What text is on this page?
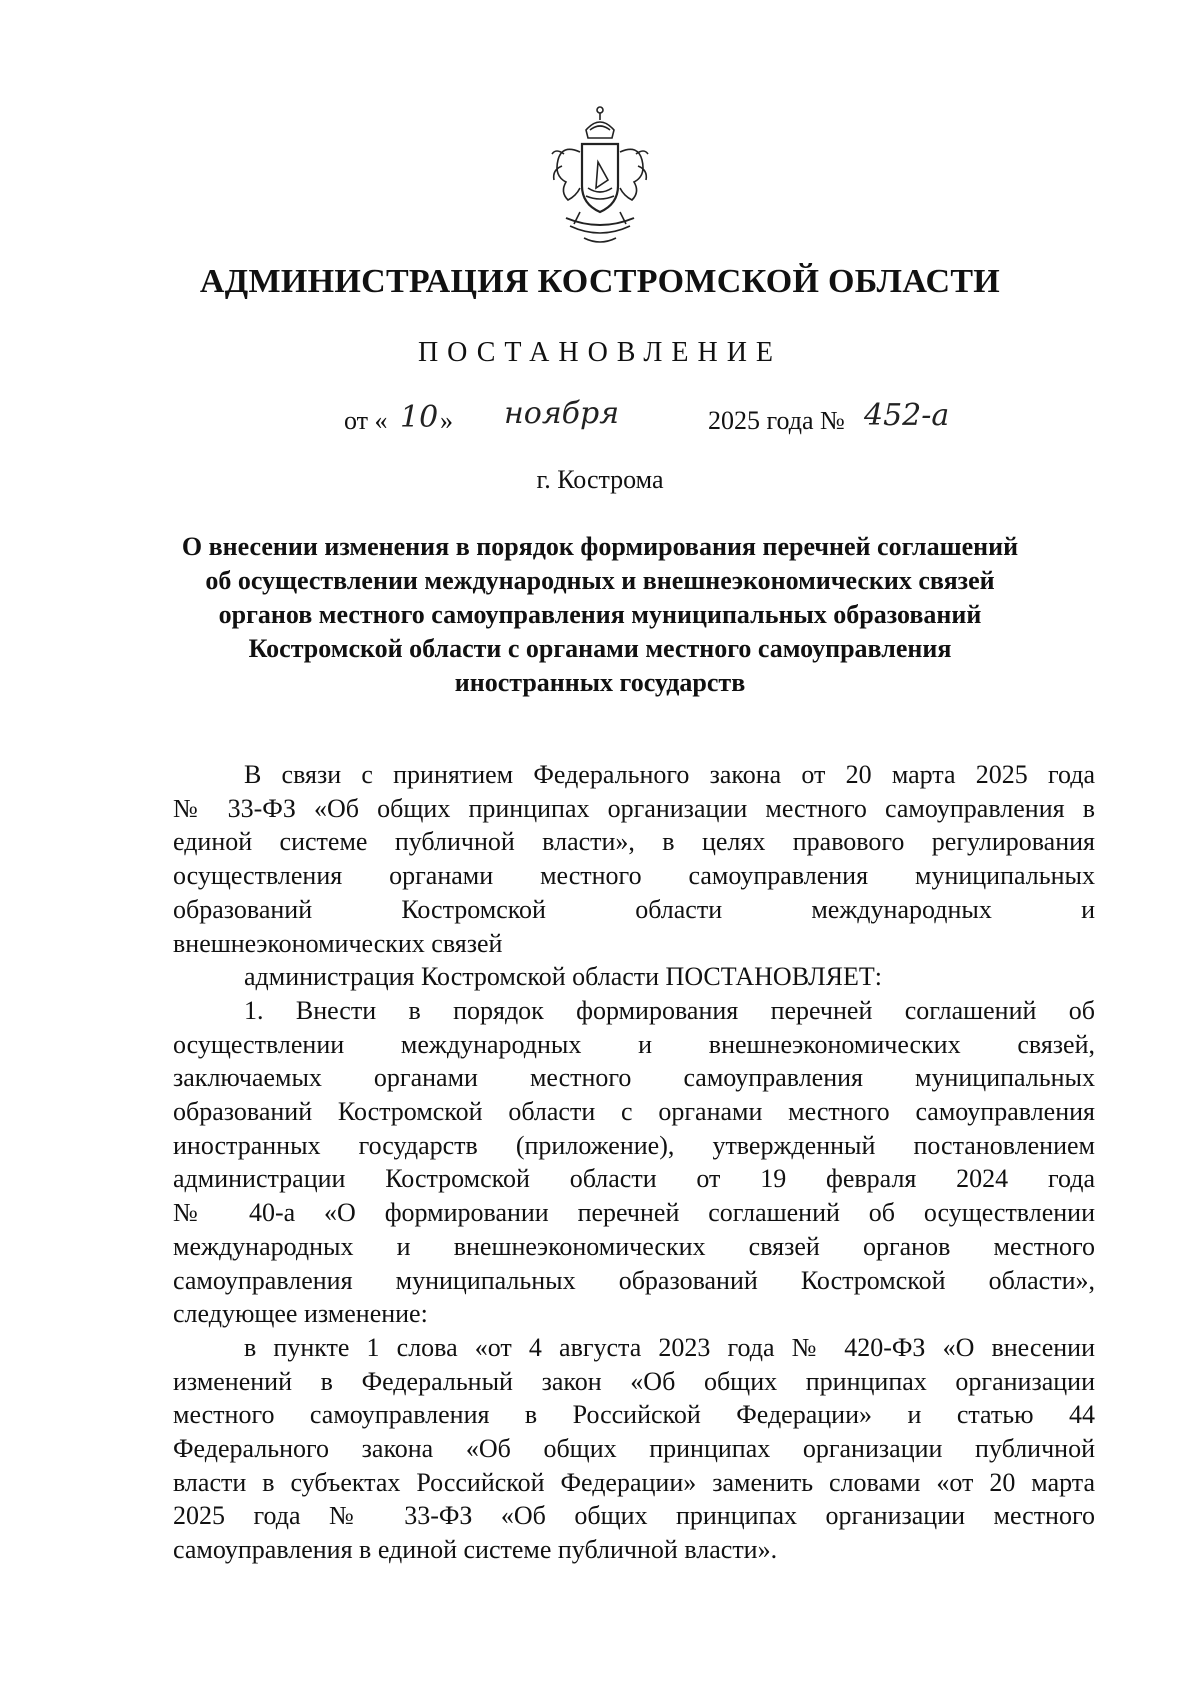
АДМИНИСТРАЦИЯ КОСТРОМСКОЙ ОБЛАСТИ
ПОСТАНОВЛЕНИЕ
от « 10 » ноября	2025 года № 452-а
г. Кострома
О внесении изменения в порядок формирования перечней соглашений
об осуществлении международных и внешнеэкономических связей
органов местного самоуправления муниципальных образований
Костромской области с органами местного самоуправления
иностранных государств

В связи с принятием Федерального закона от 20 марта 2025 года
№ 33-ФЗ «Об общих принципах организации местного самоуправления в
единой системе публичной власти», в целях правового регулирования
осуществления органами местного самоуправления муниципальных
образований Костромской области международных и
внешнеэкономических связей

администрация Костромской области ПОСТАНОВЛЯЕТ:

1. Внести в порядок формирования перечней соглашений об
осуществлении международных и внешнеэкономических связей,
заключаемых органами местного самоуправления муниципальных
образований Костромской области с органами местного самоуправления
иностранных государств (приложение), утвержденный постановлением
администрации Костромской области от 19 февраля 2024 года
№ 40-а «О формировании перечней соглашений об осуществлении
международных и внешнеэкономических связей органов местного
самоуправления муниципальных образований Костромской области»,
следующее изменение:

в пункте 1 слова «от 4 августа 2023 года № 420-ФЗ «О внесении
изменений в Федеральный закон «Об общих принципах организации
местного самоуправления в Российской Федерации» и статью 44
Федерального закона «Об общих принципах организации публичной
власти в субъектах Российской Федерации» заменить словами «от 20 марта
2025 года № 33-ФЗ «Об общих принципах организации местного
самоуправления в единой системе публичной власти».
